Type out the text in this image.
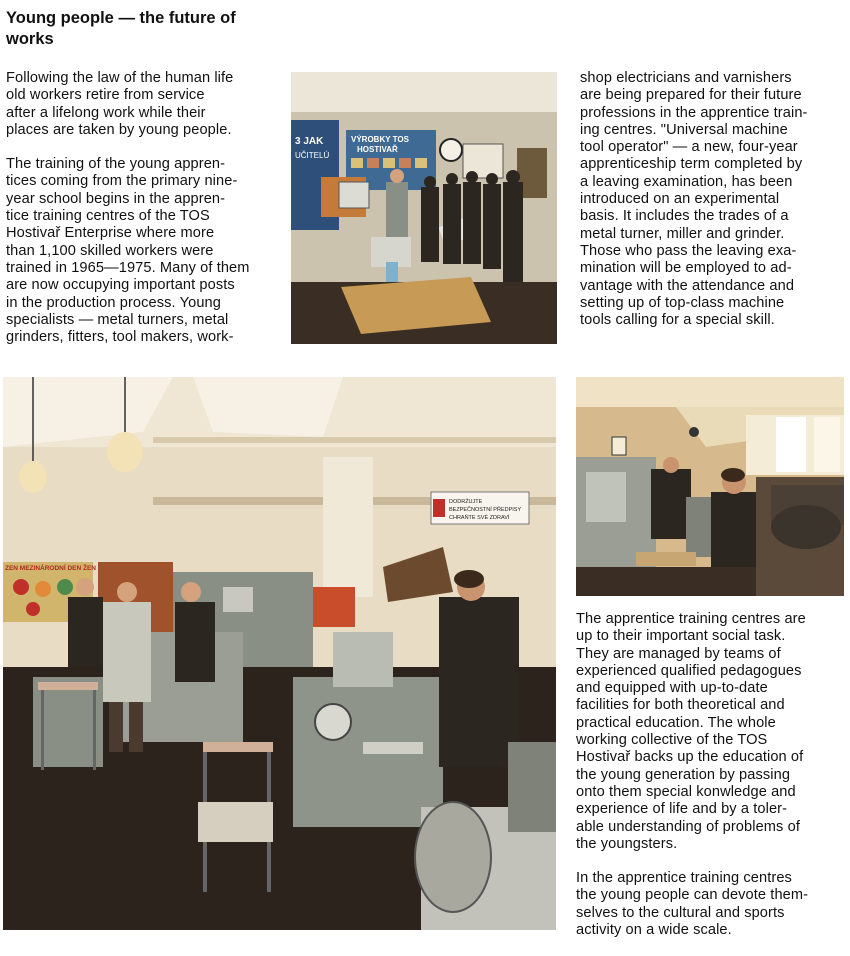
Young people — the future of works

Following the law of the human life
old workers retire from service
after a lifelong work while their
places are taken by young people.

The training of the young appren-
tices coming from the primary nine-
year school begins in the appren-
tice training centres of the TOS
Hostivař Enterprise where more
than 1,100 skilled workers were
trained in 1965—1975. Many of them
are now occupying important posts
in the production process. Young
specialists — metal turners, metal
grinders, fitters, tool makers, work-

shop electricians and varnishers
are being prepared for their future
professions in the apprentice train-
ing centres. "Universal machine
tool operator" — a new, four-year
apprenticeship term completed by
a leaving examination, has been
introduced on an experimental
basis. It includes the trades of a
metal turner, miller and grinder.
Those who pass the leaving exa-
mination will be employed to ad-
vantage with the attendance and
setting up of top-class machine
tools calling for a special skill.

The apprentice training centres are
up to their important social task.
They are managed by teams of
experienced qualified pedagogues
and equipped with up-to-date
facilities for both theoretical and
practical education. The whole
working collective of the TOS
Hostivař backs up the education of
the young generation by passing
onto them special konwledge and
experience of life and by a toler-
able understanding of problems of
the youngsters.

In the apprentice training centres
the young people can devote them-
selves to the cultural and sports
activity on a wide scale.

3 JAK
UČITELÚ
VÝROBKY TOS
HOSTIVAŘ
DODRŽUJTE
BEZPEČNOSTNÍ PŘEDPISY
CHRAŇTE SVÉ ZDRAVÍ
ZEN MEZINÁRODNÍ DEN ŽEN
